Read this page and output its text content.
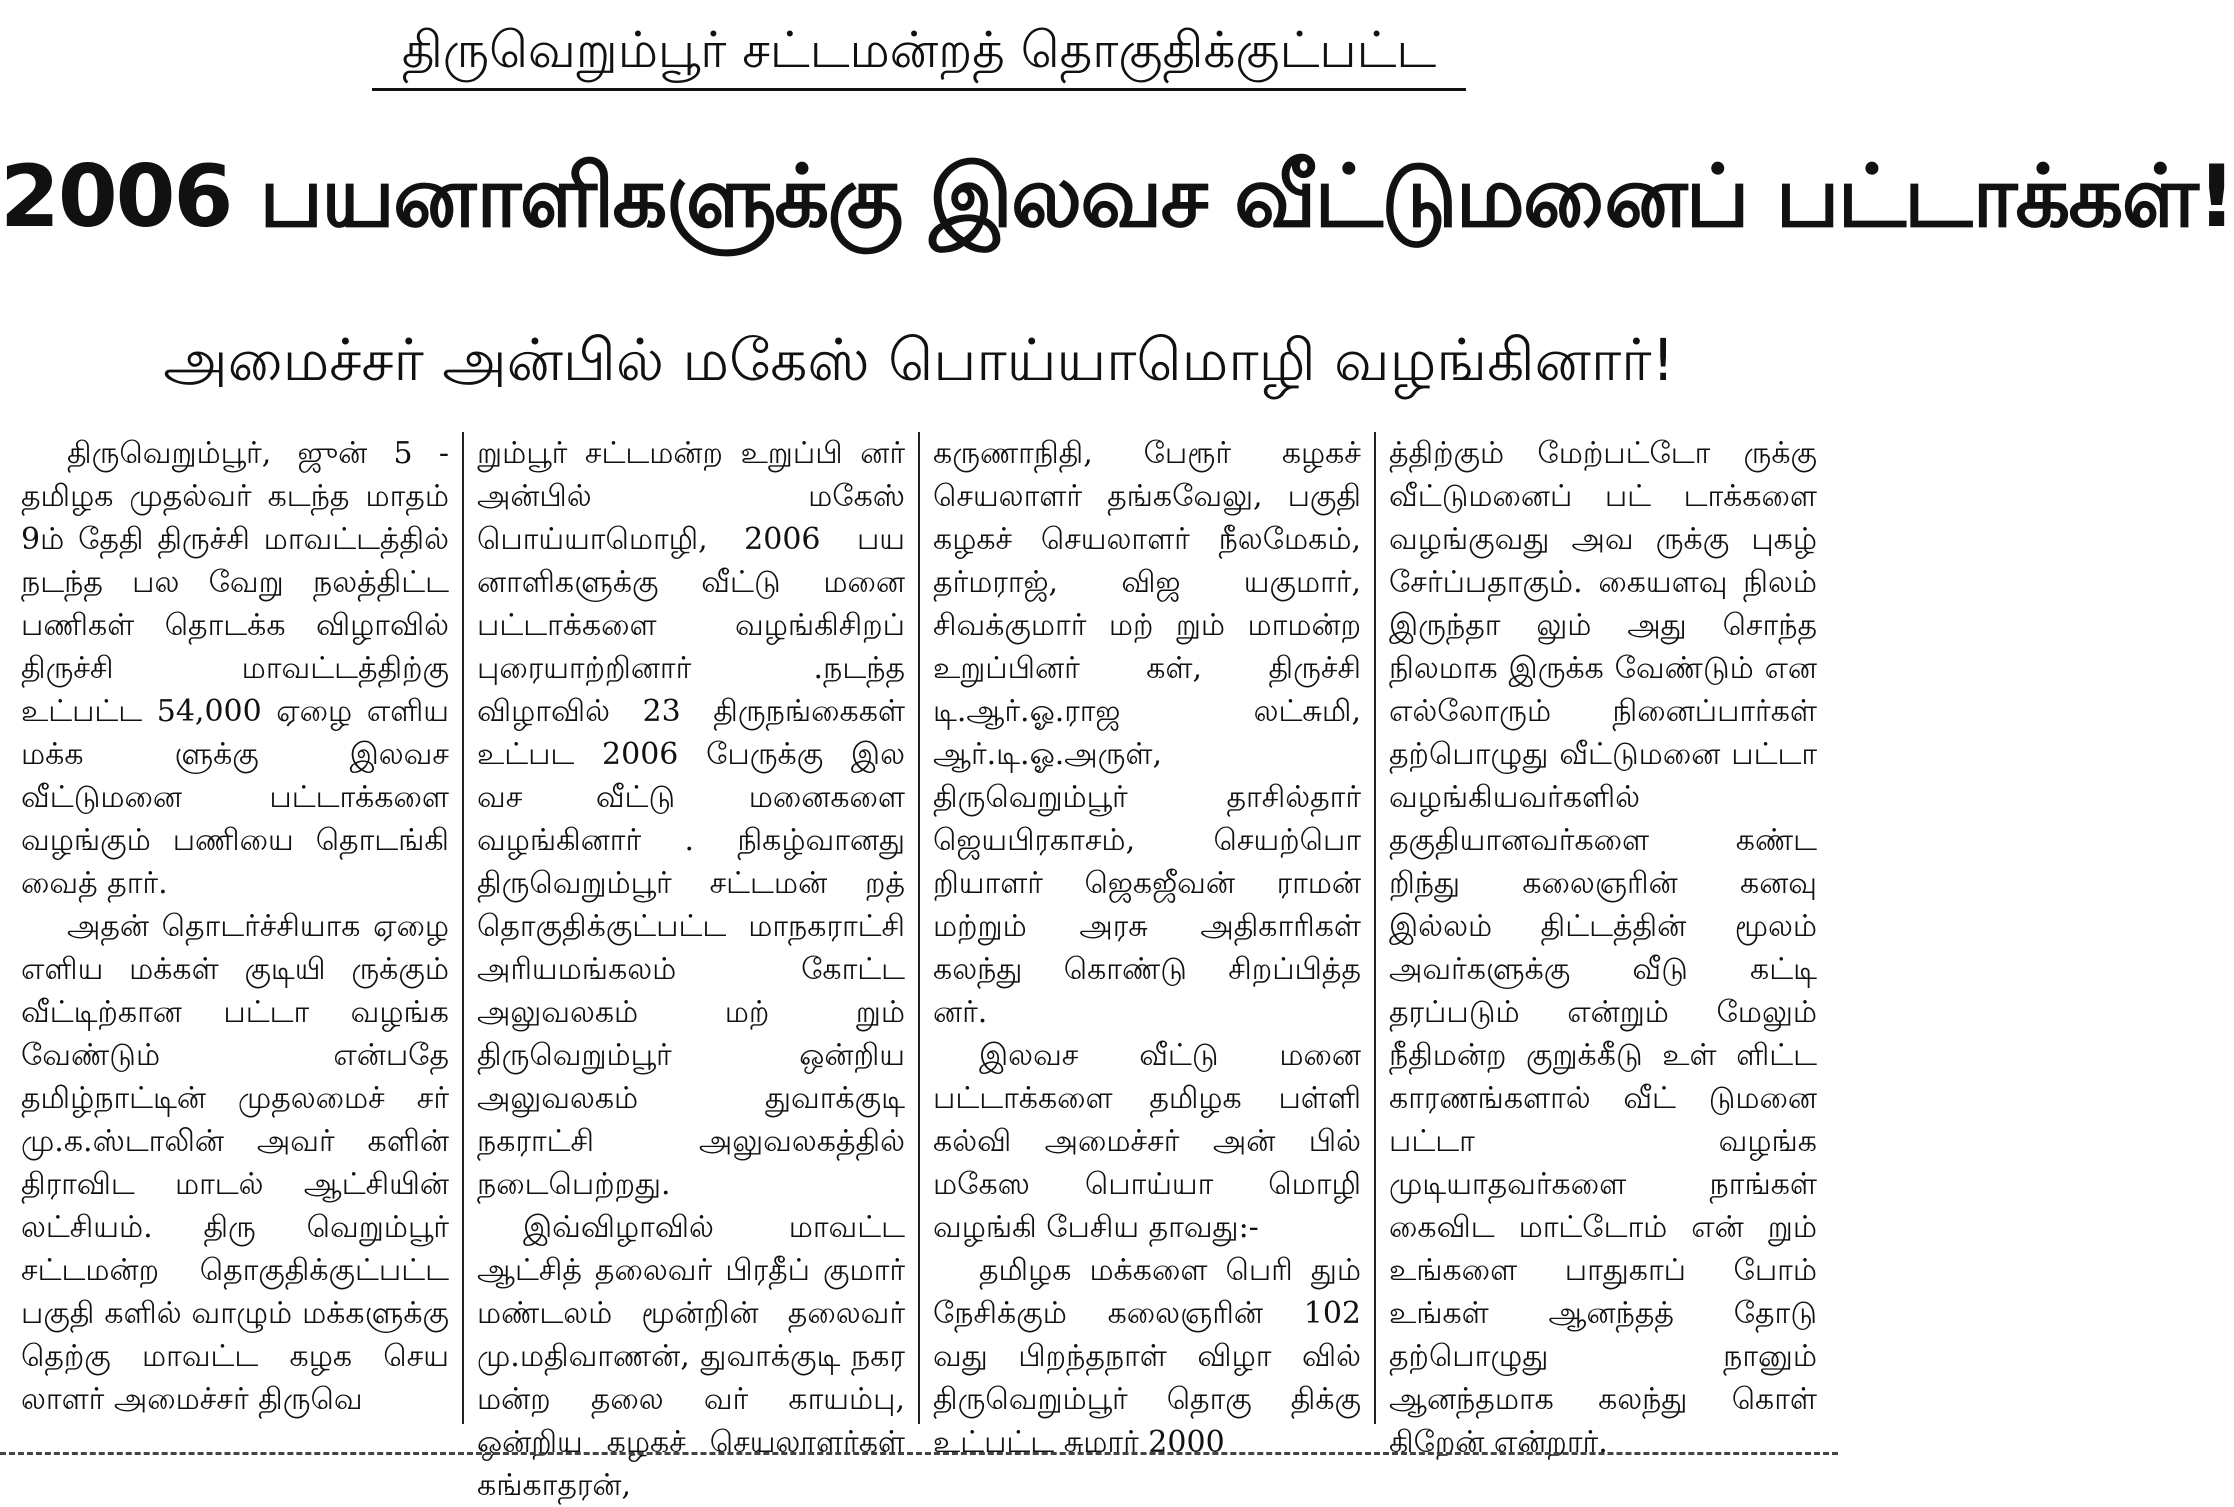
திருவெறும்பூர் சட்டமன்றத் தொகுதிக்குட்பட்ட
2006 பயனாளிகளுக்கு இலவச வீட்டுமனைப் பட்டாக்கள்!
அமைச்சர் அன்பில் மகேஸ் பொய்யாமொழி வழங்கினார்!

திருவெறும்பூர், ஜுன் 5 - தமிழக முதல்வர் கடந்த மாதம் 9ம் தேதி திருச்சி மாவட்டத்தில் நடந்த பல வேறு நலத்திட்ட பணிகள் தொடக்க விழாவில் திருச்சி மாவட்டத்திற்கு உட்பட்ட 54,000 ஏழை எளிய மக்க ளுக்கு இலவச வீட்டுமனை பட்டாக்களை வழங்கும் பணியை தொடங்கி வைத் தார்.

அதன் தொடர்ச்சியாக ஏழை எளிய மக்கள் குடியி ருக்கும் வீட்டிற்கான பட்டா வழங்க வேண்டும் என்பதே தமிழ்நாட்டின் முதலமைச் சர் மு.க.ஸ்டாலின் அவர் களின் திராவிட மாடல் ஆட்சியின் லட்சியம். திரு வெறும்பூர் சட்டமன்ற தொகுதிக்குட்பட்ட பகுதி களில் வாழும் மக்களுக்கு தெற்கு மாவட்ட கழக செய லாளர் அமைச்சர் திருவெ

றும்பூர் சட்டமன்ற உறுப்பி னர் அன்பில் மகேஸ் பொய்யாமொழி, 2006 பய னாளிகளுக்கு வீட்டு மனை பட்டாக்களை வழங்கிசிறப் புரையாற்றினார் .நடந்த விழாவில் 23 திருநங்கைகள் உட்பட 2006 பேருக்கு இல வச வீட்டு மனைகளை வழங்கினார் . நிகழ்வானது திருவெறும்பூர் சட்டமன் றத் தொகுதிக்குட்பட்ட மாநகராட்சி அரியமங்கலம் கோட்ட அலுவலகம் மற் றும் திருவெறும்பூர் ஒன்றிய அலுவலகம் துவாக்குடி நகராட்சி அலுவலகத்தில் நடைபெற்றது.

இவ்விழாவில் மாவட்ட ஆட்சித் தலைவர் பிரதீப் குமார் மண்டலம் மூன்றின் தலைவர் மு.மதிவாணன், துவாக்குடி நகர மன்ற தலை வர் காயம்பு, ஒன்றிய கழகச் செயலாளர்கள் கங்காதரன்,

கருணாநிதி, பேரூர் கழகச் செயலாளர் தங்கவேலு, பகுதி கழகச் செயலாளர் நீலமேகம், தர்மராஜ், விஜ யகுமார், சிவக்குமார் மற் றும் மாமன்ற உறுப்பினர் கள், திருச்சி டி.ஆர்.ஓ.ராஜ லட்சுமி, ஆர்.டி.ஓ.அருள், திருவெறும்பூர் தாசில்தார் ஜெயபிரகாசம், செயற்பொ றியாளர் ஜெகஜீவன் ராமன் மற்றும் அரசு அதிகாரிகள் கலந்து கொண்டு சிறப்பித்த னர்.

இலவச வீட்டு மனை பட்டாக்களை தமிழக பள்ளி கல்வி அமைச்சர் அன் பில் மகேஸ பொய்யா மொழி வழங்கி பேசிய தாவது:-

தமிழக மக்களை பெரி தும் நேசிக்கும் கலைஞரின் 102 வது பிறந்தநாள் விழா வில் திருவெறும்பூர் தொகு திக்கு உட்பட்ட சுமார் 2000

த்திற்கும் மேற்பட்டோ ருக்கு வீட்டுமனைப் பட் டாக்களை வழங்குவது அவ ருக்கு புகழ் சேர்ப்பதாகும். கையளவு நிலம் இருந்தா லும் அது சொந்த நிலமாக இருக்க வேண்டும் என எல்லோரும் நினைப்பார்கள் தற்பொழுது வீட்டுமனை பட்டா வழங்கியவர்களில் தகுதியானவர்களை கண்ட றிந்து கலைஞரின் கனவு இல்லம் திட்டத்தின் மூலம் அவர்களுக்கு வீடு கட்டி தரப்படும் என்றும் மேலும் நீதிமன்ற குறுக்கீடு உள் ளிட்ட காரணங்களால் வீட் டுமனை பட்டா வழங்க முடியாதவர்களை நாங்கள் கைவிட மாட்டோம் என் றும் உங்களை பாதுகாப் போம் உங்கள் ஆனந்தத் தோடு தற்பொழுது நானும் ஆனந்தமாக கலந்து கொள் கிறேன் என்றார்.
